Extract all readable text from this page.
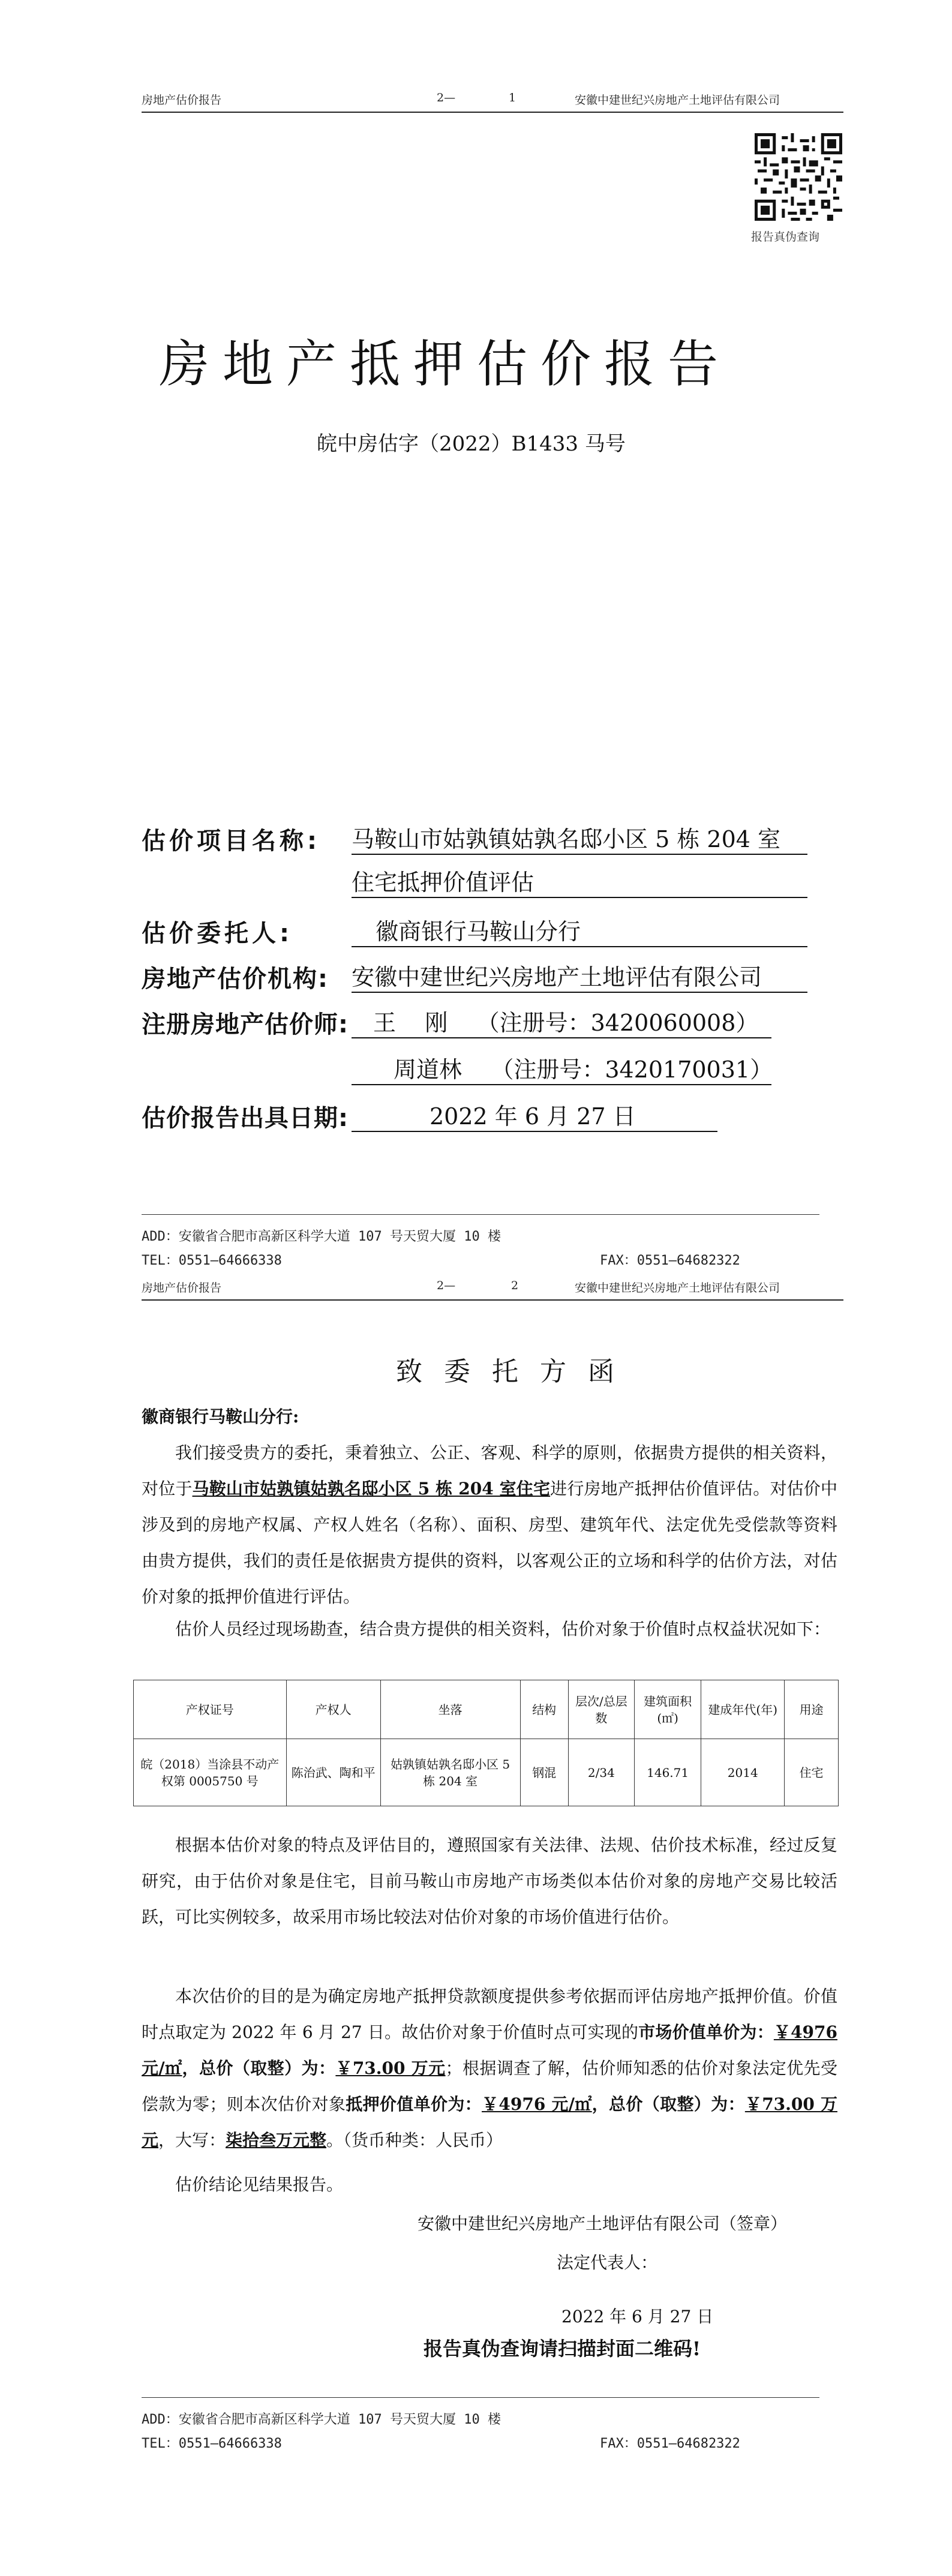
房地产估价报告	2—	1	安徽中建世纪兴房地产土地评估有限公司
报告真伪查询
房地产抵押估价报告
皖中房估字（2022）B1433 马号
估价项目名称: 马鞍山市姑孰镇姑孰名邸小区 5 栋 204 室
住宅抵押价值评估
估价委托人:	徽商银行马鞍山分行
房地产估价机构: 安徽中建世纪兴房地产土地评估有限公司
注册房地产估价师:	王    刚    （注册号：3420060008）
周道林    （注册号：3420170031）
估价报告出具日期:	2022 年 6 月 27 日
ADD：安徽省合肥市高新区科学大道 107 号天贸大厦 10 楼
TEL：0551—64666338	FAX：0551—64682322
房地产估价报告	2—	2	安徽中建世纪兴房地产土地评估有限公司
致委托方函
徽商银行马鞍山分行:
我们接受贵方的委托，秉着独立、公正、客观、科学的原则，依据贵方提供的相关资料，对位于马鞍山市姑孰镇姑孰名邸小区 5 栋 204 室住宅进行房地产抵押估价值评估。对估价中涉及到的房地产权属、产权人姓名（名称）、面积、房型、建筑年代、法定优先受偿款等资料由贵方提供，我们的责任是依据贵方提供的资料，以客观公正的立场和科学的估价方法，对估价对象的抵押价值进行评估。
估价人员经过现场勘查，结合贵方提供的相关资料，估价对象于价值时点权益状况如下：
产权证号	产权人	坐落	结构	层次/总层数	建筑面积(㎡)	建成年代(年)	用途
皖（2018）当涂县不动产权第 0005750 号	陈治武、陶和平	姑孰镇姑孰名邸小区 5 栋 204 室	钢混	2/34	146.71	2014	住宅
根据本估价对象的特点及评估目的，遵照国家有关法律、法规、估价技术标准，经过反复研究，由于估价对象是住宅，目前马鞍山市房地产市场类似本估价对象的房地产交易比较活跃，可比实例较多，故采用市场比较法对估价对象的市场价值进行估价。
本次估价的目的是为确定房地产抵押贷款额度提供参考依据而评估房地产抵押价值。价值时点取定为 2022 年 6 月 27 日。故估价对象于价值时点可实现的市场价值单价为：￥4976 元/㎡，总价（取整）为：￥73.00 万元；根据调查了解，估价师知悉的估价对象法定优先受偿款为零；则本次估价对象抵押价值单价为：￥4976 元/㎡，总价（取整）为：￥73.00 万元，大写：柒拾叁万元整。（货币种类：人民币）
估价结论见结果报告。
安徽中建世纪兴房地产土地评估有限公司（签章）
法定代表人：
2022 年 6 月 27 日
报告真伪查询请扫描封面二维码!
ADD：安徽省合肥市高新区科学大道 107 号天贸大厦 10 楼
TEL：0551—64666338	FAX：0551—64682322
